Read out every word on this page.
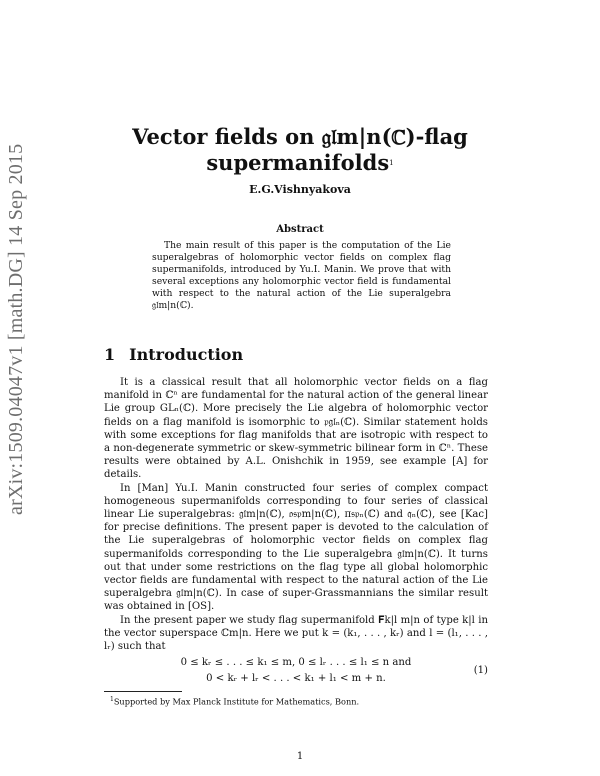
arXiv:1509.04047v1 [math.DG] 14 Sep 2015
Vector fields on 𝔤𝔩m|n(ℂ)-flag
supermanifolds$^1$
E.G.Vishnyakova
Abstract

The main result of this paper is the computation of the Lie superalgebras of holomorphic vector fields on complex flag supermanifolds, introduced by Yu.I. Manin. We prove that with several exceptions any holomorphic vector field is fundamental with respect to the natural action of the Lie superalgebra 𝔤𝔩m|n(ℂ).

1 Introduction

It is a classical result that all holomorphic vector fields on a flag manifold in ℂⁿ are fundamental for the natural action of the general linear Lie group GLₙ(ℂ). More precisely the Lie algebra of holomorphic vector fields on a flag manifold is isomorphic to 𝔭𝔤𝔩ₙ(ℂ). Similar statement holds with some exceptions for flag manifolds that are isotropic with respect to a non-degenerate symmetric or skew-symmetric bilinear form in ℂⁿ. These results were obtained by A.L. Onishchik in 1959, see example [A] for details.

In [Man] Yu.I. Manin constructed four series of complex compact homogeneous supermanifolds corresponding to four series of classical linear Lie superalgebras: 𝔤𝔩m|n(ℂ), 𝔬𝔰𝔭m|n(ℂ), π𝔰𝔭ₙ(ℂ) and 𝔮ₙ(ℂ), see [Kac] for precise definitions. The present paper is devoted to the calculation of the Lie superalgebras of holomorphic vector fields on complex flag supermanifolds corresponding to the Lie superalgebra 𝔤𝔩m|n(ℂ). It turns out that under some restrictions on the flag type all global holomorphic vector fields are fundamental with respect to the natural action of the Lie superalgebra 𝔤𝔩m|n(ℂ). In case of super-Grassmannians the similar result was obtained in [OS].

In the present paper we study flag supermanifold 𝐅k|l m|n of type k|l in the vector superspace ℂm|n. Here we put k = (k₁, . . . , kᵣ) and l = (l₁, . . . , lᵣ) such that

0 ≤ kᵣ ≤ . . . ≤ k₁ ≤ m, 0 ≤ lᵣ . . . ≤ l₁ ≤ n and
0 < kᵣ + lᵣ < . . . < k₁ + l₁ < m + n.
(1)
$^1$Supported by Max Planck Institute for Mathematics, Bonn.
1
